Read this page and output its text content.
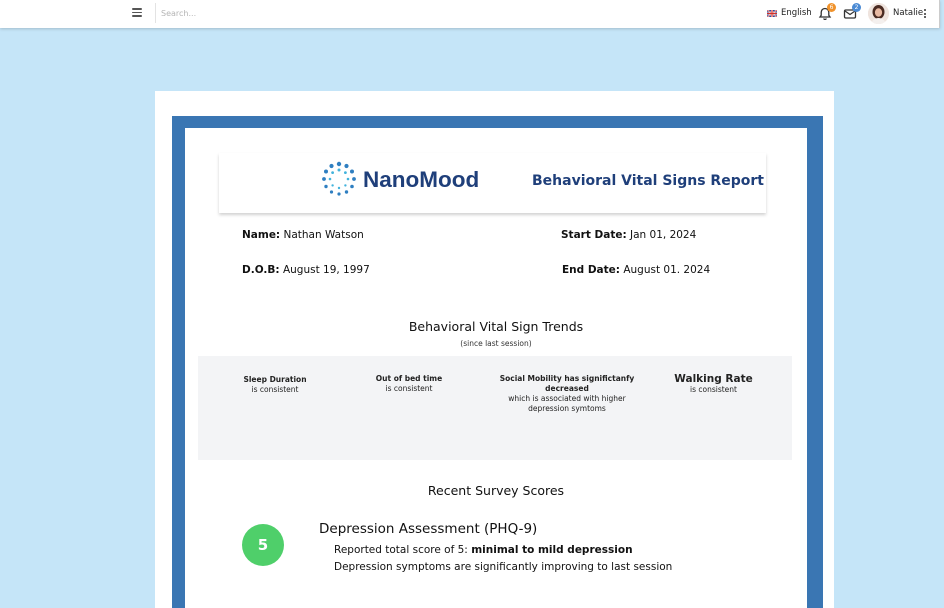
Search...
English
6	2
Natalie
NanoMood	Behavioral Vital Signs Report
Name: Nathan Watson	Start Date: Jan 01, 2024
D.O.B: August 19, 1997	End Date: August 01. 2024
Behavioral Vital Sign Trends
(since last session)
Sleep Duration
is consistent
Out of bed time
is consistent
Social Mobility has significtanfy decreased
which is associated with higher
depression symtoms
Walking Rate
is consistent
Recent Survey Scores
5
Depression Assessment (PHQ-9)
Reported total score of 5: minimal to mild depression
Depression symptoms are significantly improving to last session
